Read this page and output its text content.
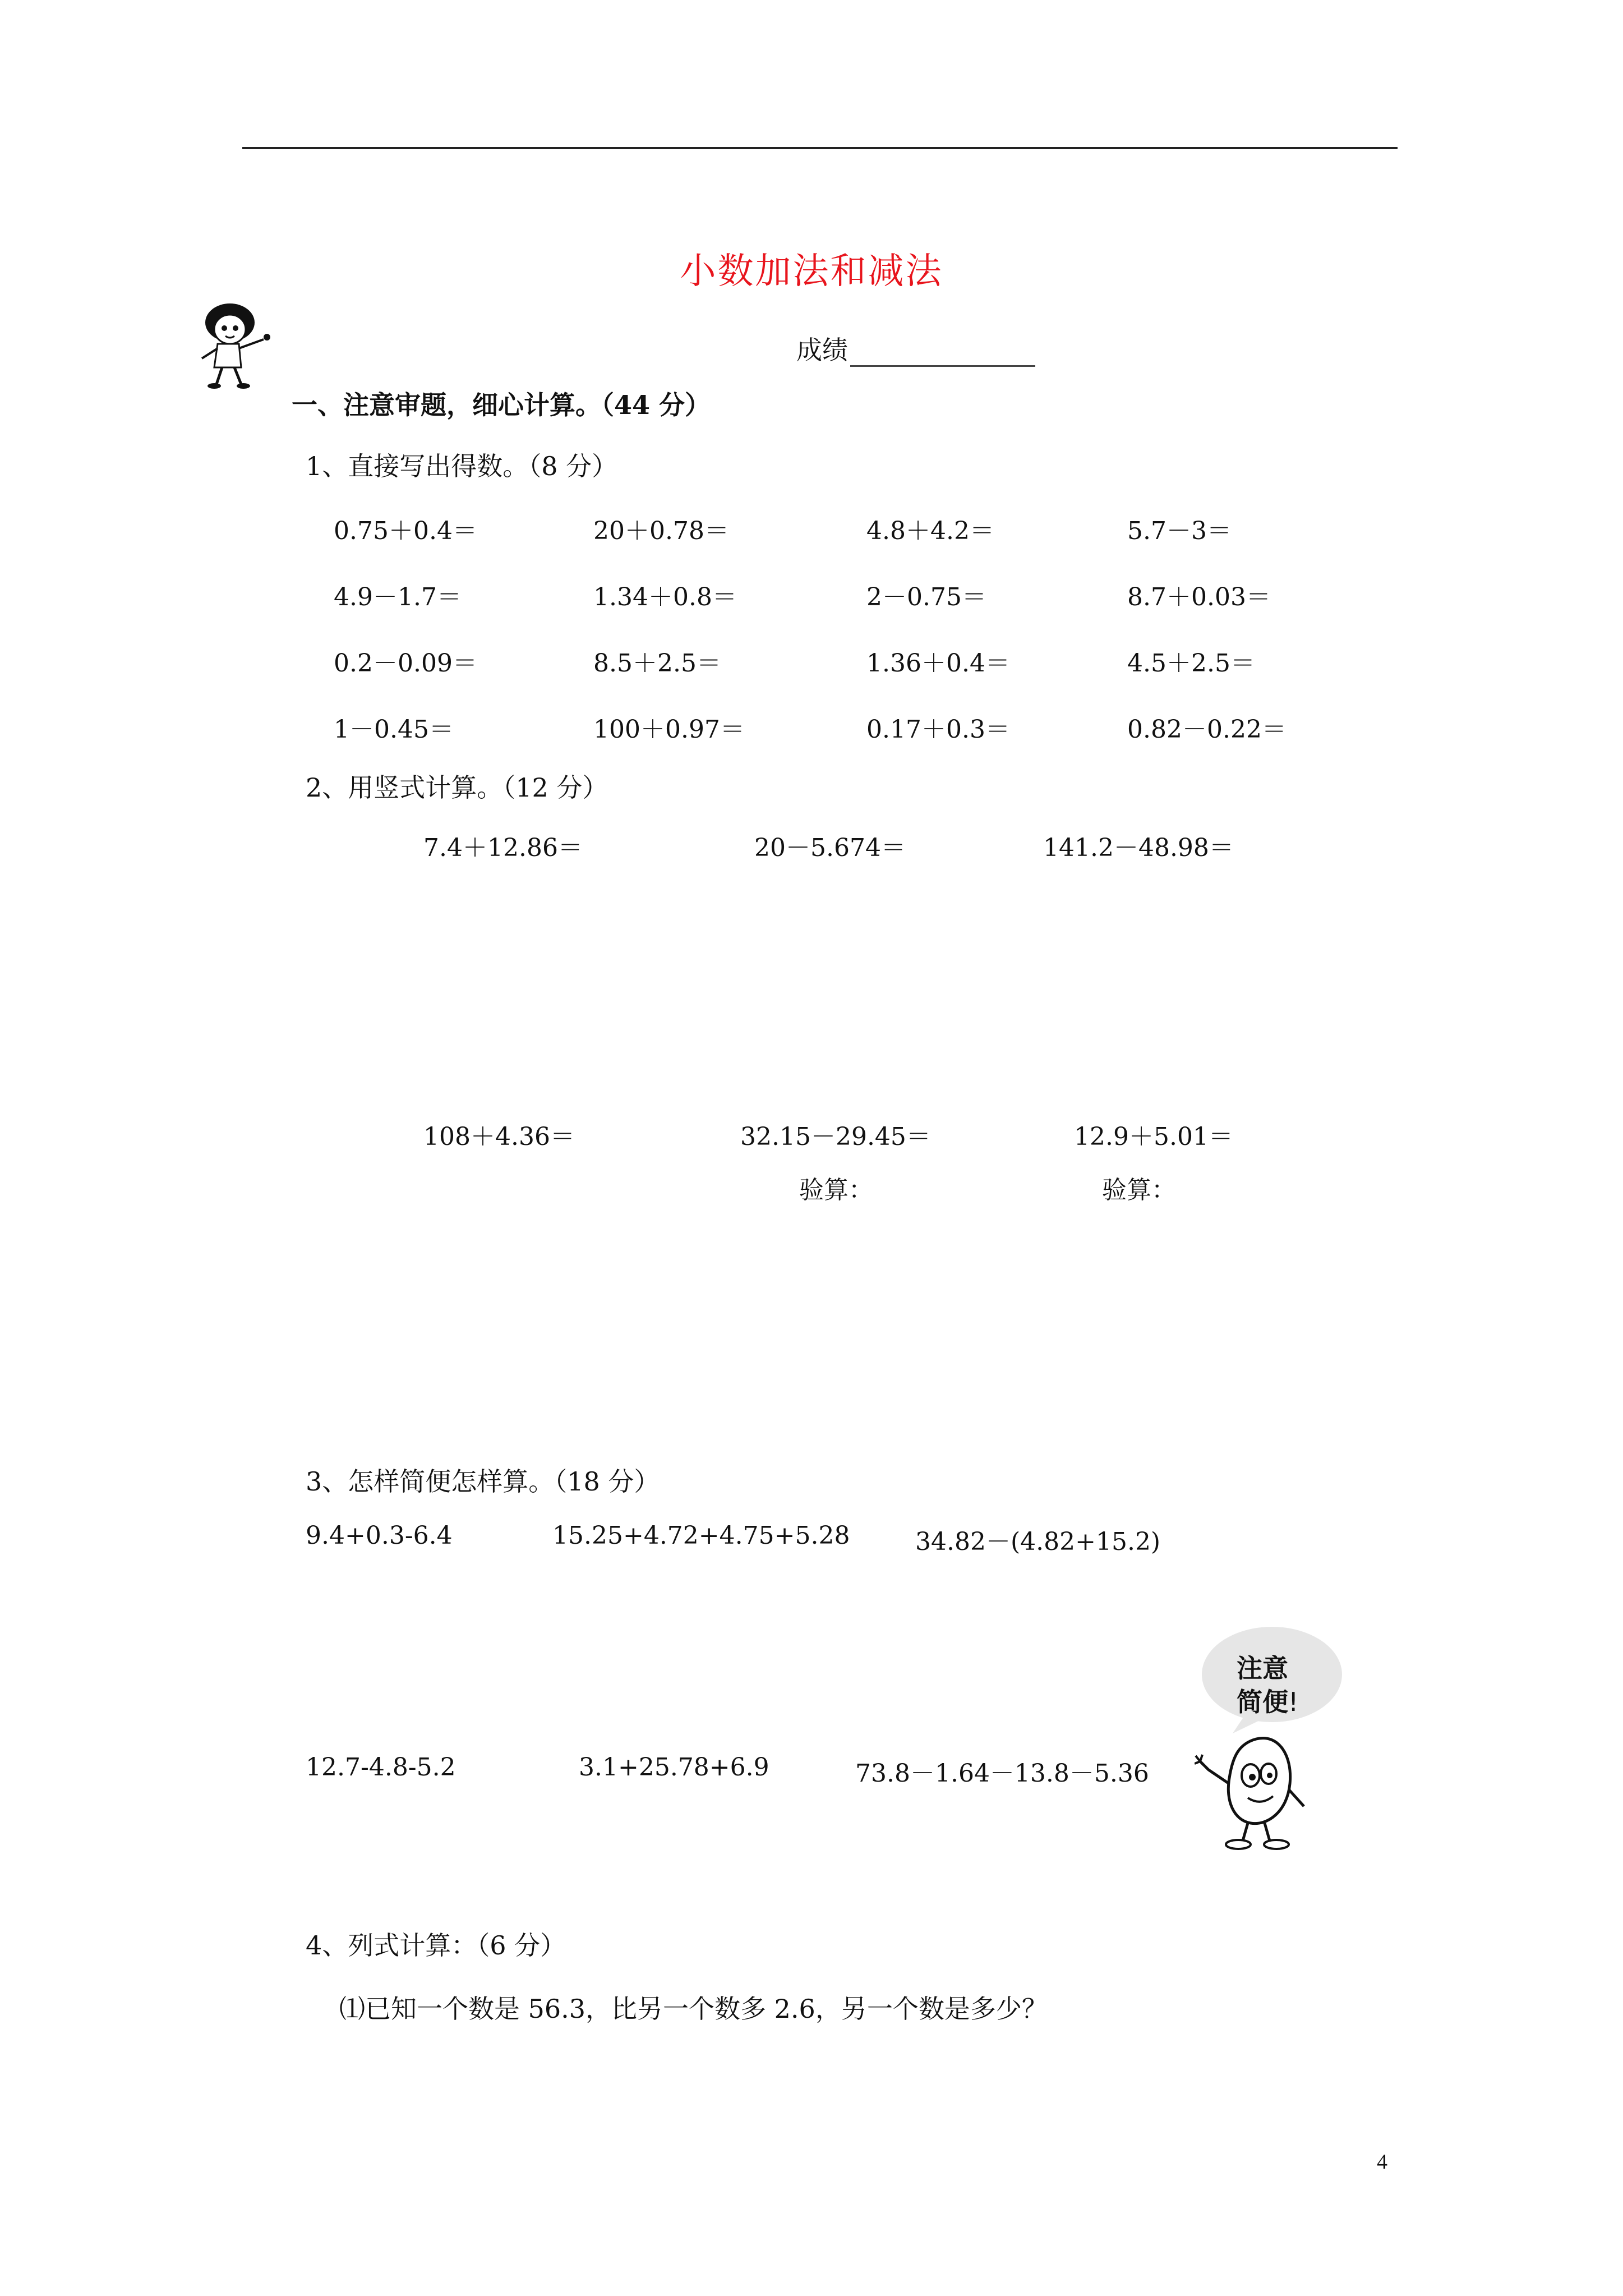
小数加法和减法
成绩
一、注意审题，细心计算。（44 分）
1、直接写出得数。（8 分）
0.75＋0.4＝	20＋0.78＝	4.8＋4.2＝	5.7－3＝
4.9－1.7＝	1.34＋0.8＝	2－0.75＝	8.7＋0.03＝
0.2－0.09＝	8.5＋2.5＝	1.36＋0.4＝	4.5＋2.5＝
1－0.45＝	100＋0.97＝	0.17＋0.3＝	0.82－0.22＝
2、用竖式计算。（12 分）
7.4＋12.86＝	20－5.674＝	141.2－48.98＝
108＋4.36＝	32.15－29.45＝	12.9＋5.01＝
验算：	验算：
3、怎样简便怎样算。（18 分）
9.4+0.3-6.4	15.25+4.72+4.75+5.28	34.82－(4.82+15.2)
12.7-4.8-5.2	3.1+25.78+6.9	73.8－1.64－13.8－5.36
注意
简便!
4、列式计算：（6 分）
⑴已知一个数是 56.3，比另一个数多 2.6，另一个数是多少？
4
